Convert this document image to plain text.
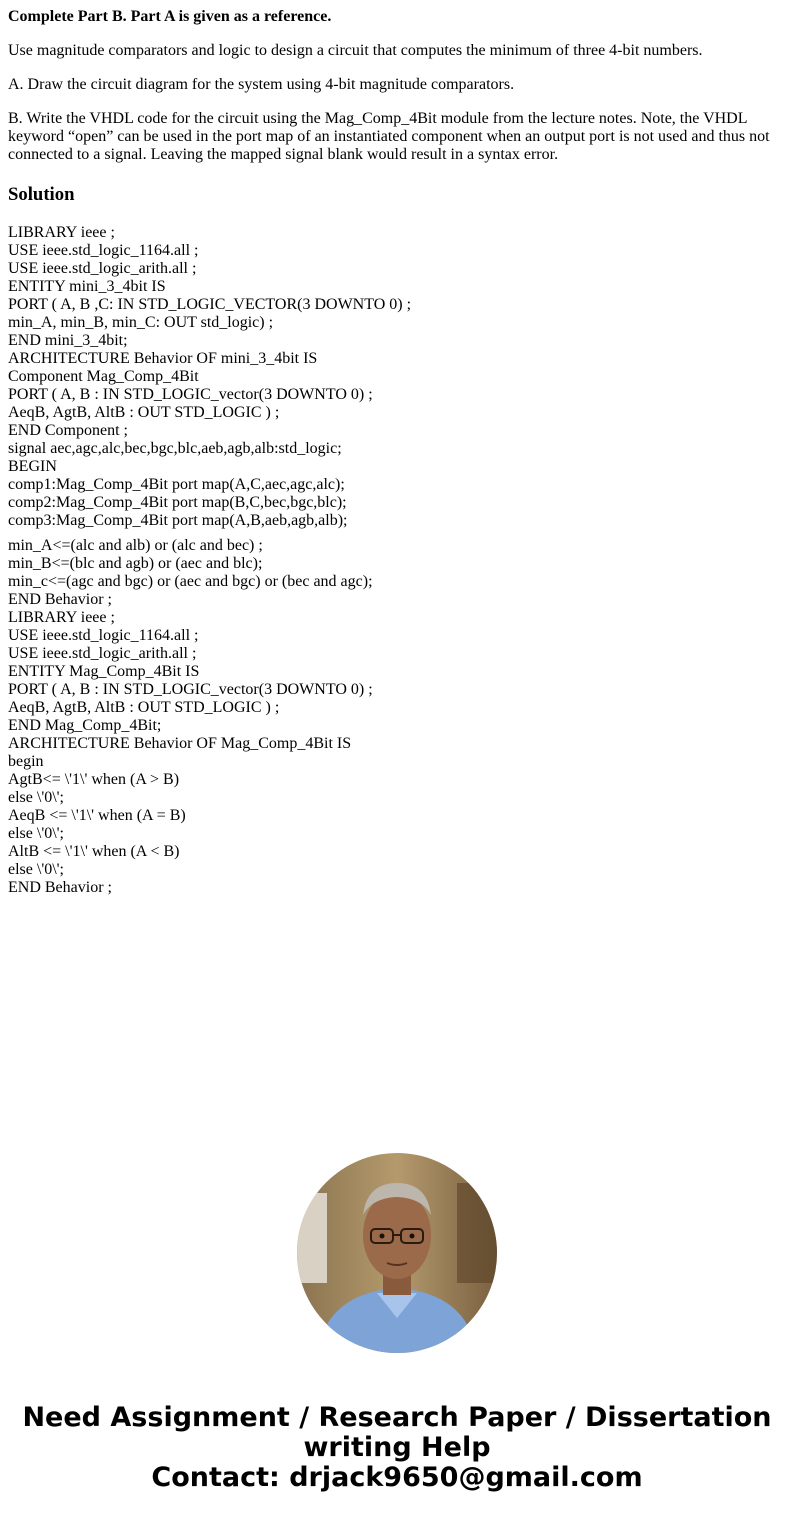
Complete Part B. Part A is given as a reference.

Use magnitude comparators and logic to design a circuit that computes the minimum of three 4-bit numbers.

A. Draw the circuit diagram for the system using 4-bit magnitude comparators.

B. Write the VHDL code for the circuit using the Mag_Comp_4Bit module from the lecture notes. Note, the VHDL keyword “open” can be used in the port map of an instantiated component when an output port is not used and thus not connected to a signal. Leaving the mapped signal blank would result in a syntax error.

Solution
LIBRARY ieee ;
USE ieee.std_logic_1164.all ;
USE ieee.std_logic_arith.all ;
ENTITY mini_3_4bit IS
PORT ( A, B ,C: IN STD_LOGIC_VECTOR(3 DOWNTO 0) ;
min_A, min_B, min_C: OUT std_logic) ;
END mini_3_4bit;
ARCHITECTURE Behavior OF mini_3_4bit IS
Component Mag_Comp_4Bit
PORT ( A, B : IN STD_LOGIC_vector(3 DOWNTO 0) ;
AeqB, AgtB, AltB : OUT STD_LOGIC ) ;
END Component ;
signal aec,agc,alc,bec,bgc,blc,aeb,agb,alb:std_logic;
BEGIN
comp1:Mag_Comp_4Bit port map(A,C,aec,agc,alc);
comp2:Mag_Comp_4Bit port map(B,C,bec,bgc,blc);
comp3:Mag_Comp_4Bit port map(A,B,aeb,agb,alb);
min_A<=(alc and alb) or (alc and bec) ;
min_B<=(blc and agb) or (aec and blc);
min_c<=(agc and bgc) or (aec and bgc) or (bec and agc);
END Behavior ;
LIBRARY ieee ;
USE ieee.std_logic_1164.all ;
USE ieee.std_logic_arith.all ;
ENTITY Mag_Comp_4Bit IS
PORT ( A, B : IN STD_LOGIC_vector(3 DOWNTO 0) ;
AeqB, AgtB, AltB : OUT STD_LOGIC ) ;
END Mag_Comp_4Bit;
ARCHITECTURE Behavior OF Mag_Comp_4Bit IS
begin
AgtB<= \'1\' when (A > B)
else \'0\';
AeqB <= \'1\' when (A = B)
else \'0\';
AltB <= \'1\' when (A < B)
else \'0\';
END Behavior ;
Need Assignment / Research Paper / Dissertation
writing Help
Contact: drjack9650@gmail.com
